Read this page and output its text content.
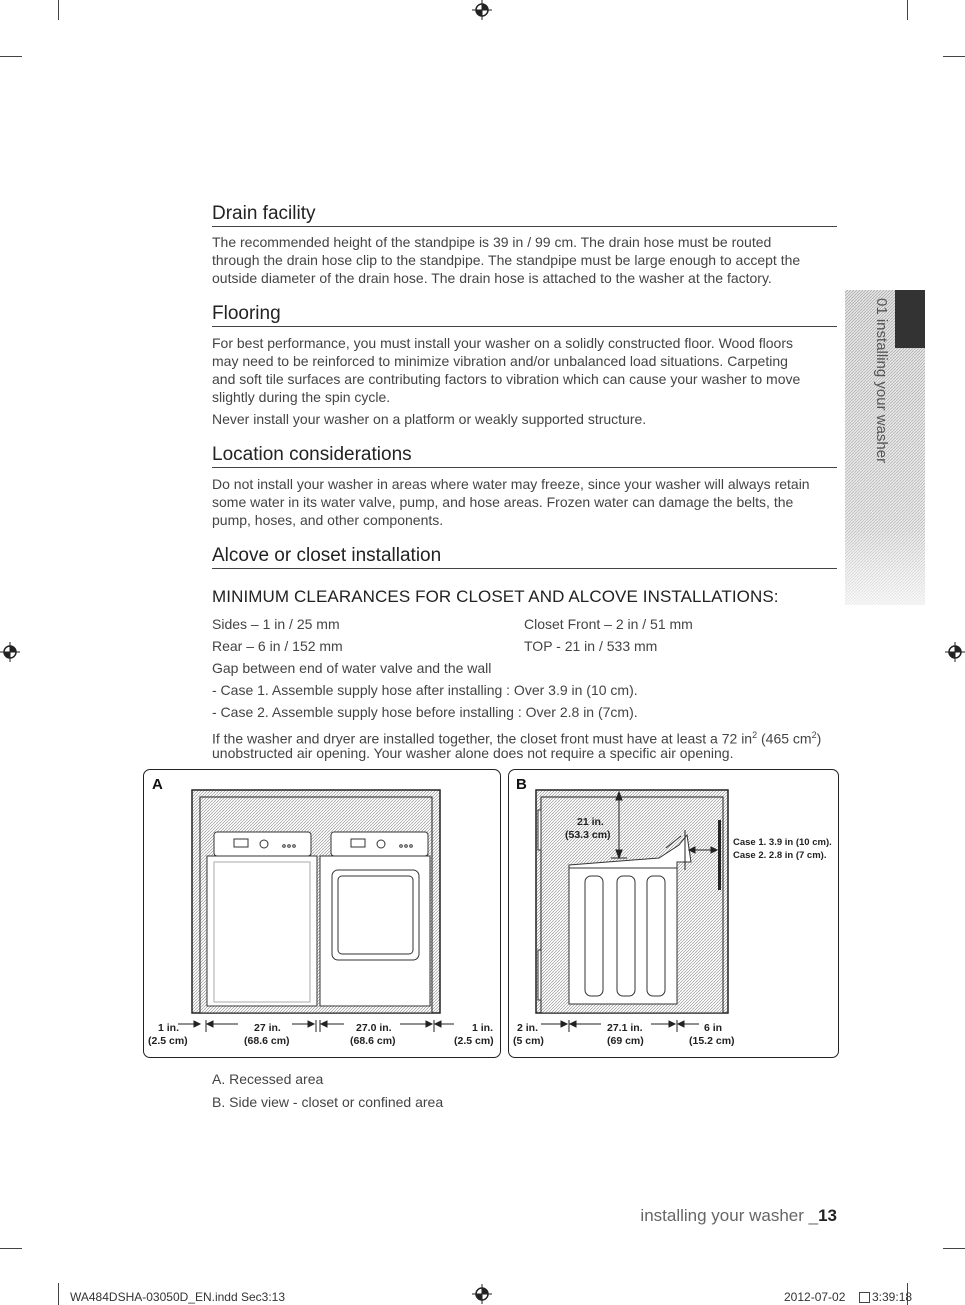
01 installing your washer
Drain facility
The recommended height of the standpipe is 39 in / 99 cm. The drain hose must be routed
through the drain hose clip to the standpipe. The standpipe must be large enough to accept the
outside diameter of the drain hose. The drain hose is attached to the washer at the factory.
Flooring
For best performance, you must install your washer on a solidly constructed floor. Wood floors
may need to be reinforced to minimize vibration and/or unbalanced load situations. Carpeting
and soft tile surfaces are contributing factors to vibration which can cause your washer to move
slightly during the spin cycle.
Never install your washer on a platform or weakly supported structure.
Location considerations
Do not install your washer in areas where water may freeze, since your washer will always retain
some water in its water valve, pump, and hose areas. Frozen water can damage the belts, the
pump, hoses, and other components.
Alcove or closet installation
MINIMUM CLEARANCES FOR CLOSET AND ALCOVE INSTALLATIONS:
Sides – 1 in / 25 mm	Closet Front – 2 in / 51 mm
Rear – 6 in / 152 mm	TOP - 21 in / 533 mm
Gap between end of water valve and the wall
- Case 1. Assemble supply hose after installing : Over 3.9 in (10 cm).
- Case 2. Assemble supply hose before installing : Over 2.8 in (7cm).
If the washer and dryer are installed together, the closet front must have at least a 72 $in^2$ (465 $cm^2$)
unobstructed air opening. Your washer alone does not require a specific air opening.
A
1 in.
(2.5 cm)
27 in.
(68.6 cm)
27.0 in.
(68.6 cm)
1 in.
(2.5 cm)
B
21 in.
(53.3 cm)
Case 1. 3.9 in (10 cm).
Case 2. 2.8 in (7 cm).
2 in.
(5 cm)
27.1 in.
(69 cm)
6 in
(15.2 cm)
A. Recessed area
B. Side view - closet or confined area
installing your washer _13
WA484DSHA-03050D_EN.indd Sec3:13	2012-07-02 3:39:18
